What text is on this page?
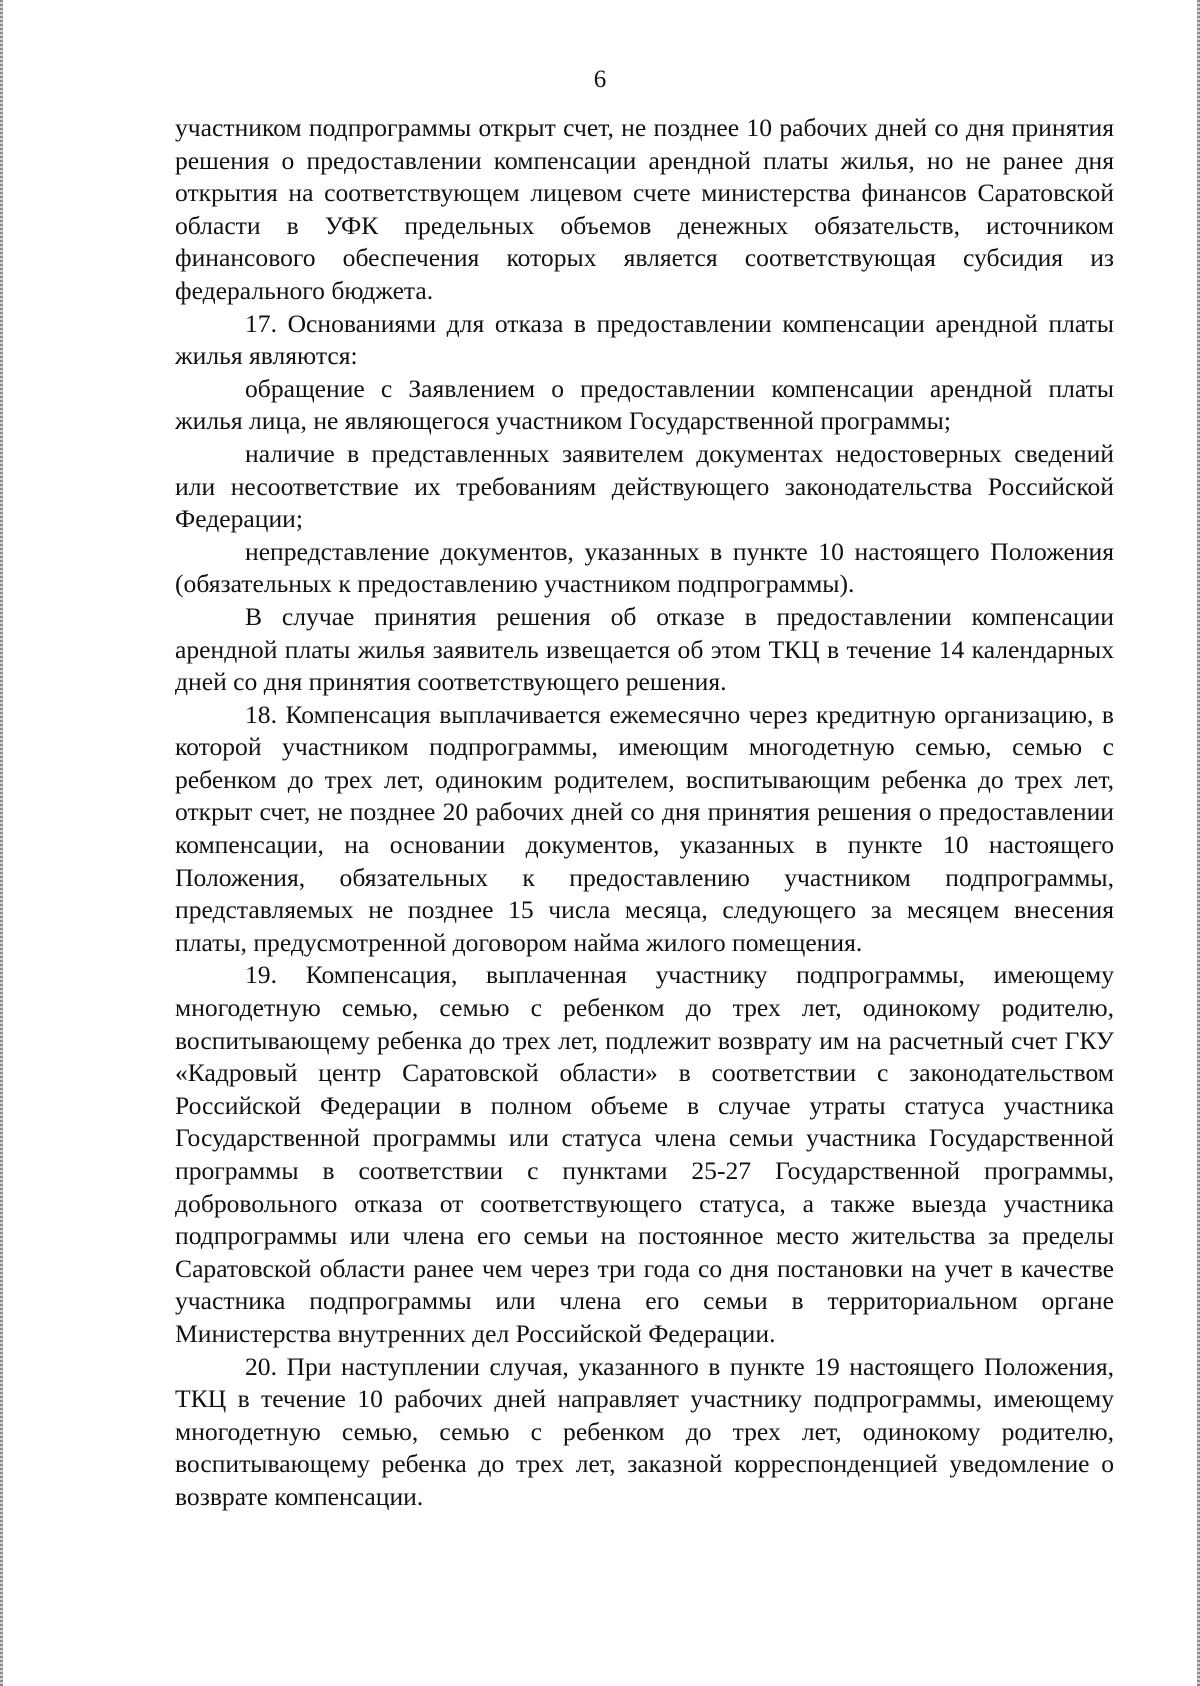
6

участником подпрограммы открыт счет, не позднее 10 рабочих дней со дня принятия решения о предоставлении компенсации арендной платы жилья, но не ранее дня открытия на соответствующем лицевом счете министерства финансов Саратовской области в УФК предельных объемов денежных обязательств, источником финансового обеспечения которых является соответствующая субсидия из федерального бюджета.

17. Основаниями для отказа в предоставлении компенсации арендной платы жилья являются:

обращение с Заявлением о предоставлении компенсации арендной платы жилья лица, не являющегося участником Государственной программы;

наличие в представленных заявителем документах недостоверных сведений или несоответствие их требованиям действующего законодательства Российской Федерации;

непредставление документов, указанных в пункте 10 настоящего Положения (обязательных к предоставлению участником подпрограммы).

В случае принятия решения об отказе в предоставлении компенсации арендной платы жилья заявитель извещается об этом ТКЦ в течение 14 календарных дней со дня принятия соответствующего решения.

18. Компенсация выплачивается ежемесячно через кредитную организацию, в которой участником подпрограммы, имеющим многодетную семью, семью с ребенком до трех лет, одиноким родителем, воспитывающим ребенка до трех лет, открыт счет, не позднее 20 рабочих дней со дня принятия решения о предоставлении компенсации, на основании документов, указанных в пункте 10 настоящего Положения, обязательных к предоставлению участником подпрограммы, представляемых не позднее 15 числа месяца, следующего за месяцем внесения платы, предусмотренной договором найма жилого помещения.

19. Компенсация, выплаченная участнику подпрограммы, имеющему многодетную семью, семью с ребенком до трех лет, одинокому родителю, воспитывающему ребенка до трех лет, подлежит возврату им на расчетный счет ГКУ «Кадровый центр Саратовской области» в соответствии с законодательством Российской Федерации в полном объеме в случае утраты статуса участника Государственной программы или статуса члена семьи участника Государственной программы в соответствии с пунктами 25-27 Государственной программы, добровольного отказа от соответствующего статуса, а также выезда участника подпрограммы или члена его семьи на постоянное место жительства за пределы Саратовской области ранее чем через три года со дня постановки на учет в качестве участника подпрограммы или члена его семьи в территориальном органе Министерства внутренних дел Российской Федерации.

20. При наступлении случая, указанного в пункте 19 настоящего Положения, ТКЦ в течение 10 рабочих дней направляет участнику подпрограммы, имеющему многодетную семью, семью с ребенком до трех лет, одинокому родителю, воспитывающему ребенка до трех лет, заказной корреспонденцией уведомление о возврате компенсации.
